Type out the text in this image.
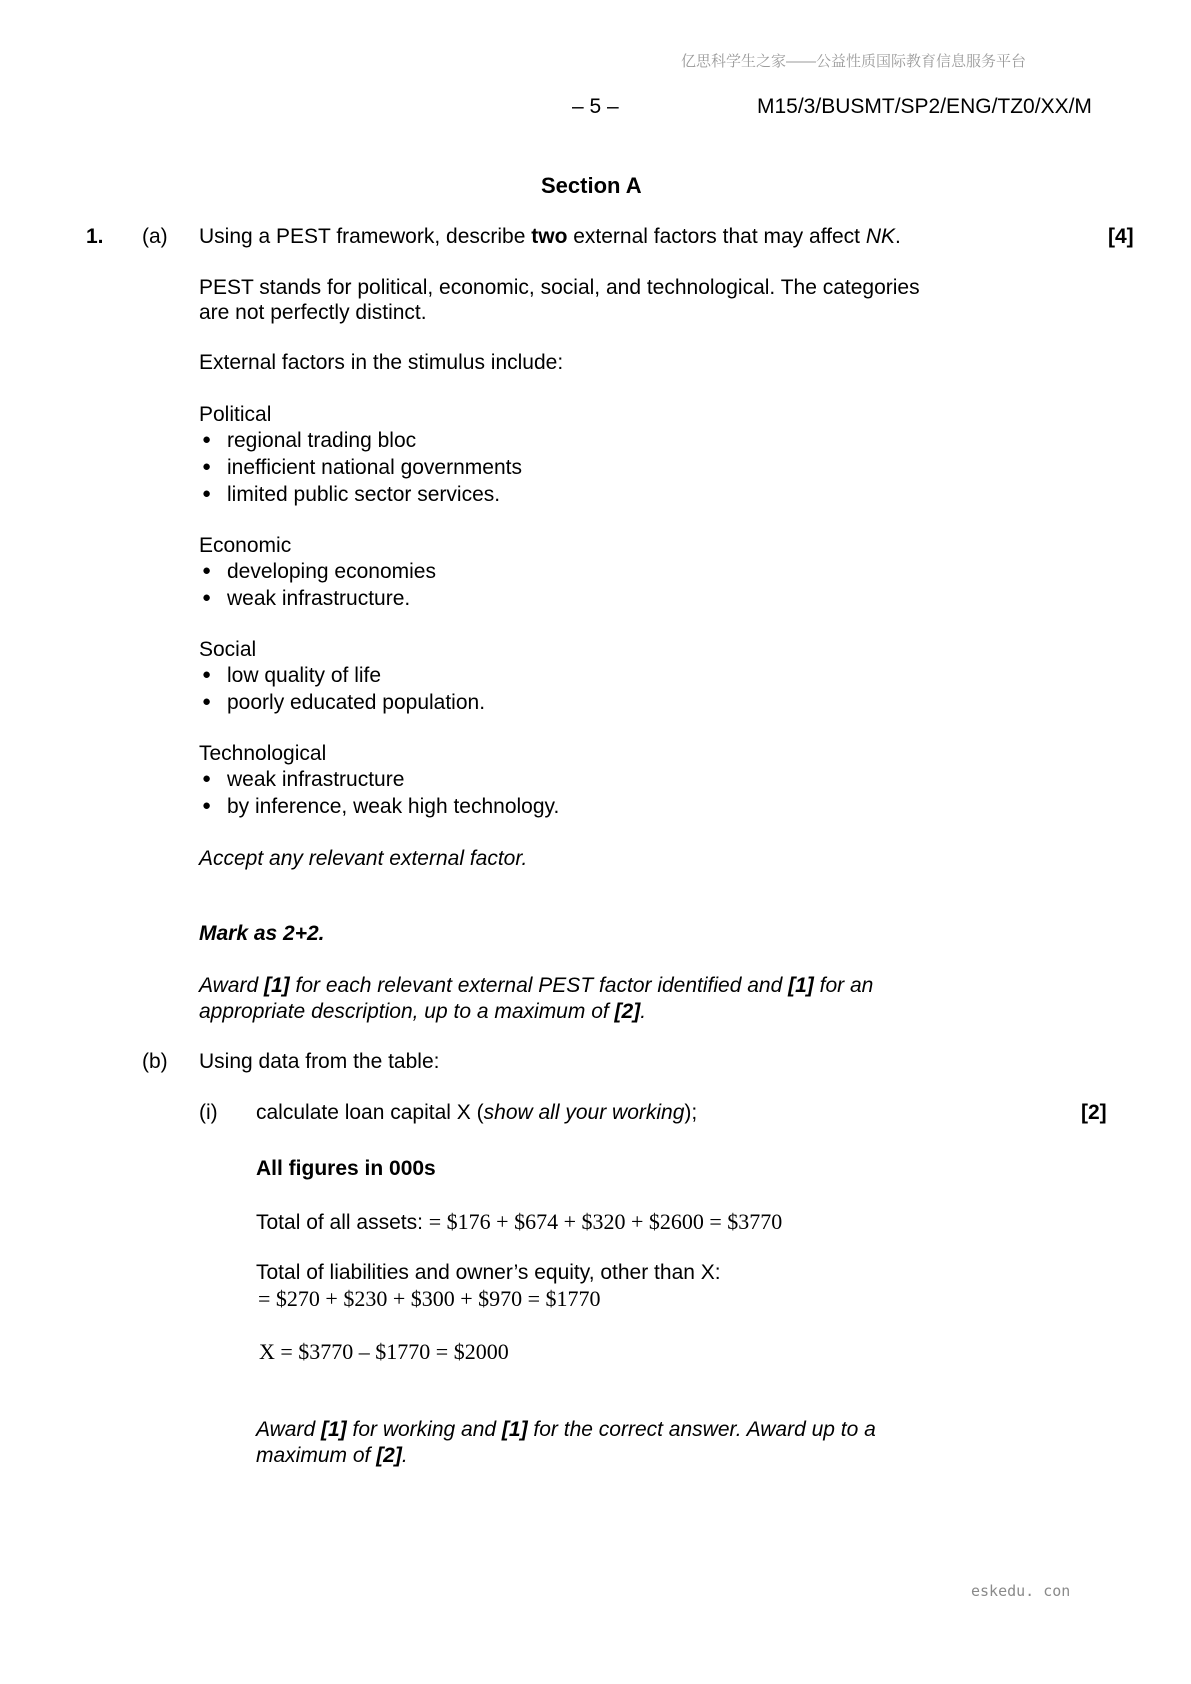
亿思科学生之家——公益性质国际教育信息服务平台
– 5 –	M15/3/BUSMT/SP2/ENG/TZ0/XX/M
Section A
1. (a) Using a PEST framework, describe two external factors that may affect NK.	[4]
PEST stands for political, economic, social, and technological. The categories
are not perfectly distinct.
External factors in the stimulus include:
Political
● regional trading bloc
● inefficient national governments
● limited public sector services.
Economic
● developing economies
● weak infrastructure.
Social
● low quality of life
● poorly educated population.
Technological
● weak infrastructure
● by inference, weak high technology.
Accept any relevant external factor.
Mark as 2+2.
Award [1] for each relevant external PEST factor identified and [1] for an
appropriate description, up to a maximum of [2].
(b) Using data from the table:
(i) calculate loan capital X (show all your working);	[2]
All figures in 000s
Total of all assets: = $176 + $674 + $320 + $2600 = $3770
Total of liabilities and owner’s equity, other than X:
= $270 + $230 + $300 + $970 = $1770
X = $3770 – $1770 = $2000
Award [1] for working and [1] for the correct answer. Award up to a
maximum of [2].
eskedu. con
